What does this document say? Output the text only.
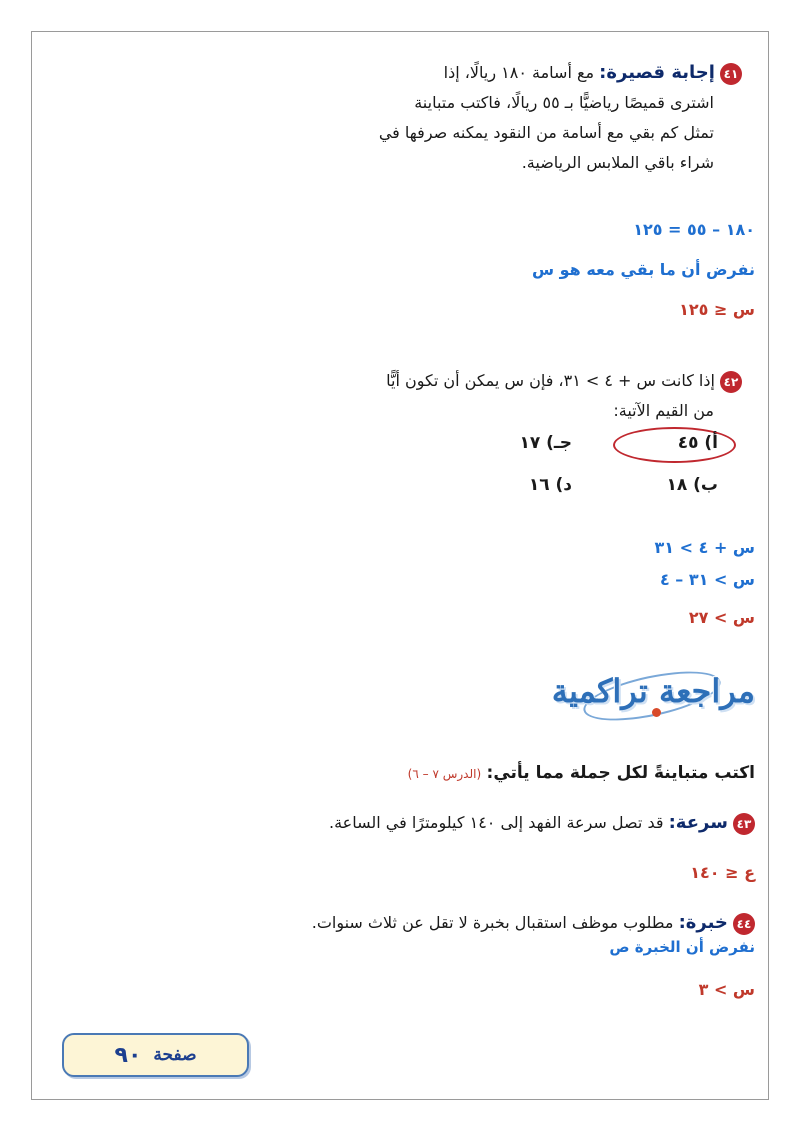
٤١ إجابة قصيرة: مع أسامة ١٨٠ ريالًا، إذا
اشترى قميصًا رياضيًّا بـ ٥٥ ريالًا، فاكتب متباينة
تمثل كم بقي مع أسامة من النقود يمكنه صرفها في
شراء باقي الملابس الرياضية.
١٨٠ – ٥٥ = ١٢٥
نفرض أن ما بقي معه هو س
س ≤ ١٢٥
٤٢ إذا كانت س + ٤ > ٣١، فإن س يمكن أن تكون أيًّا
من القيم الآتية:
أ) ٤٥
جـ) ١٧
ب) ١٨
د) ١٦
س + ٤ > ٣١
س > ٣١ – ٤
س > ٢٧
مراجعة تراكمية
اكتب متباينةً لكل جملة مما يأتي: (الدرس ٧ – ٦)
٤٣ سرعة: قد تصل سرعة الفهد إلى ١٤٠ كيلومترًا في الساعة.
ع ≤ ١٤٠
٤٤ خبرة: مطلوب موظف استقبال بخبرة لا تقل عن ثلاث سنوات.
نفرض أن الخبرة ص
س > ٣
صفحة
٩٠
